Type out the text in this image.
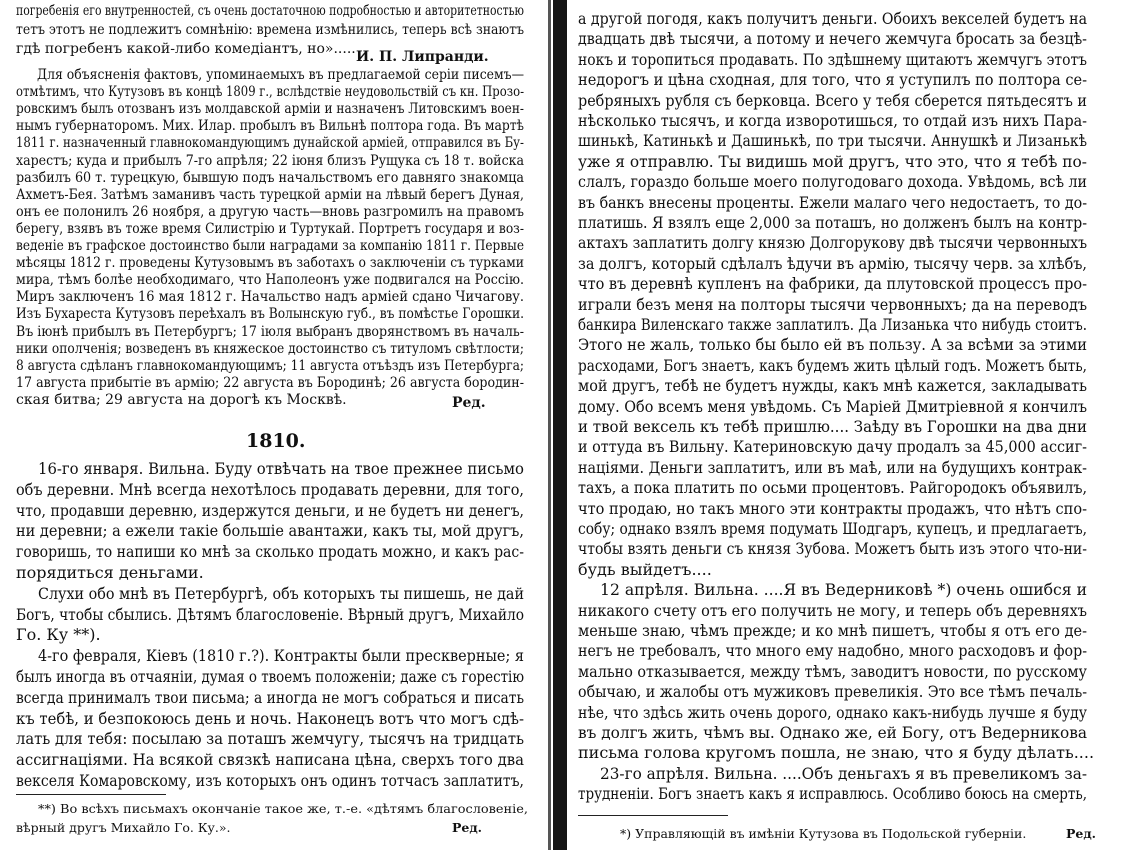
погребенія его внутренностей, съ очень достаточною подробностью и авторитетностью
тетъ этотъ не подлежитъ сомнѣнію: времена измѣнились, теперь всѣ знаютъ
гдѣ погребенъ какой-либо комедіантъ, но»..... И. П. Липранди.
Для объясненія фактовъ, упоминаемыхъ въ предлагаемой серіи писемъ—
отмѣтимъ, что Кутузовъ въ концѣ 1809 г., вслѣдствіе неудовольствій съ кн. Прозо-
ровскимъ былъ отозванъ изъ молдавской арміи и назначенъ Литовскимъ воен-
нымъ губернаторомъ. Мих. Илар. пробылъ въ Вильнѣ полтора года. Въ мартѣ
1811 г. назначенный главнокомандующимъ дунайской арміей, отправился въ Бу-
харестъ; куда и прибылъ 7-го апрѣля; 22 іюня близъ Рущука съ 18 т. войска
разбилъ 60 т. турецкую, бывшую подъ начальствомъ его давняго знакомца
Ахметъ-Бея. Затѣмъ заманивъ часть турецкой арміи на лѣвый берегъ Дуная,
онъ ее полонилъ 26 ноября, а другую часть—вновь разгромилъ на правомъ
берегу, взявъ въ тоже время Силистрію и Туртукай. Портретъ государя и воз-
веденіе въ графское достоинство были наградами за компанію 1811 г. Первые
мѣсяцы 1812 г. проведены Кутузовымъ въ заботахъ о заключеніи съ турками
мира, тѣмъ болѣе необходимаго, что Наполеонъ уже подвигался на Россію.
Миръ заключенъ 16 мая 1812 г. Начальство надъ арміей сдано Чичагову.
Изъ Бухареста Кутузовъ переѣхалъ въ Волынскую губ., въ помѣстье Горошки.
Въ іюнѣ прибылъ въ Петербургъ; 17 іюля выбранъ дворянствомъ въ началь-
ники ополченія; возведенъ въ княжеское достоинство съ титуломъ свѣтлости;
8 августа сдѣланъ главнокомандующимъ; 11 августа отъѣздъ изъ Петербурга;
17 августа прибытіе въ армію; 22 августа въ Бородинѣ; 26 августа бородин-
ская битва; 29 августа на дорогѣ къ Москвѣ.	Ред.
1810.
16-го января. Вильна. Буду отвѣчать на твое прежнее письмо
объ деревни. Мнѣ всегда нехотѣлось продавать деревни, для того,
что, продавши деревню, издержутся деньги, и не будетъ ни денегъ,
ни деревни; а ежели такіе большіе авантажи, какъ ты, мой другъ,
говоришь, то напиши ко мнѣ за сколько продать можно, и какъ рас-
порядиться деньгами.
Слухи обо мнѣ въ Петербургѣ, объ которыхъ ты пишешь, не дай
Богъ, чтобы сбылись. Дѣтямъ благословеніе. Вѣрный другъ, Михайло
Го. Ку **).
4-го февраля, Кіевъ (1810 г.?). Контракты были прескверные; я
былъ иногда въ отчаяніи, думая о твоемъ положеніи; даже съ горестію
всегда принималъ твои письма; а иногда не могъ собраться и писать
къ тебѣ, и безпокоюсь день и ночь. Наконецъ вотъ что могъ сдѣ-
лать для тебя: посылаю за поташъ жемчугу, тысячъ на тридцать
ассигнаціями. На всякой связкѣ написана цѣна, сверхъ того два
векселя Комаровскому, изъ которыхъ онъ одинъ тотчасъ заплатитъ,
**) Во всѣхъ письмахъ окончаніе такое же, т.-е. «дѣтямъ благословеніе,
вѣрный другъ Михайло Го. Ку.».	Ред.
а другой погодя, какъ получитъ деньги. Обоихъ векселей будетъ на
двадцать двѣ тысячи, а потому и нечего жемчуга бросать за безцѣ-
нокъ и торопиться продавать. По здѣшнему щитаютъ жемчугъ этотъ
недорогъ и цѣна сходная, для того, что я уступилъ по полтора се-
ребряныхъ рубля съ берковца. Всего у тебя сберется пятьдесятъ и
нѣсколько тысячъ, и когда изворотишься, то отдай изъ нихъ Пара-
шинькѣ, Катинькѣ и Дашинькѣ, по три тысячи. Аннушкѣ и Лизанькѣ
уже я отправлю. Ты видишь мой другъ, что это, что я тебѣ по-
слалъ, гораздо больше моего полугодоваго дохода. Увѣдомь, всѣ ли
въ банкъ внесены проценты. Ежели малаго чего недостаетъ, то до-
платишь. Я взялъ еще 2,000 за поташъ, но долженъ былъ на контр-
актахъ заплатить долгу князю Долгорукову двѣ тысячи червонныхъ
за долгъ, который сдѣлалъ ѣдучи въ армію, тысячу черв. за хлѣбъ,
что въ деревнѣ купленъ на фабрики, да плутовской процессъ про-
играли безъ меня на полторы тысячи червонныхъ; да на переводъ
банкира Виленскаго также заплатилъ. Да Лизанька что нибудь стоитъ.
Этого не жаль, только бы было ей въ пользу. А за всѣми за этими
расходами, Богъ знаетъ, какъ будемъ жить цѣлый годъ. Можетъ быть,
мой другъ, тебѣ не будетъ нужды, какъ мнѣ кажется, закладывать
дому. Обо всемъ меня увѣдомь. Съ Маріей Дмитріевной я кончилъ
и твой вексель къ тебѣ пришлю.... Заѣду въ Горошки на два дни
и оттуда въ Вильну. Катериновскую дачу продалъ за 45,000 ассиг-
націями. Деньги заплатитъ, или въ маѣ, или на будущихъ контрак-
тахъ, а пока платить по осьми процентовъ. Райгородокъ объявилъ,
что продаю, но такъ много эти контракты продажъ, что нѣтъ спо-
собу; однако взялъ время подумать Шодгаръ, купецъ, и предлагаетъ,
чтобы взять деньги съ князя Зубова. Можетъ быть изъ этого что-ни-
будь выйдетъ....
12 апрѣля. Вильна. ....Я въ Ведерниковѣ *) очень ошибся и
никакого счету отъ его получить не могу, и теперь объ деревняхъ
меньше знаю, чѣмъ прежде; и ко мнѣ пишетъ, чтобы я отъ его де-
негъ не требовалъ, что много ему надобно, много расходовъ и фор-
мально отказывается, между тѣмъ, заводитъ новости, по русскому
обычаю, и жалобы отъ мужиковъ превеликія. Это все тѣмъ печаль-
нѣе, что здѣсь жить очень дорого, однако какъ-нибудь лучше я буду
въ долгъ жить, чѣмъ вы. Однако же, ей Богу, отъ Ведерникова
письма голова кругомъ пошла, не знаю, что я буду дѣлать....
23-го апрѣля. Вильна. ....Объ деньгахъ я въ превеликомъ за-
трудненіи. Богъ знаетъ какъ я исправлюсь. Особливо боюсь на смерть,
*) Управляющій въ имѣніи Кутузова въ Подольской губерніи.	Ред.
